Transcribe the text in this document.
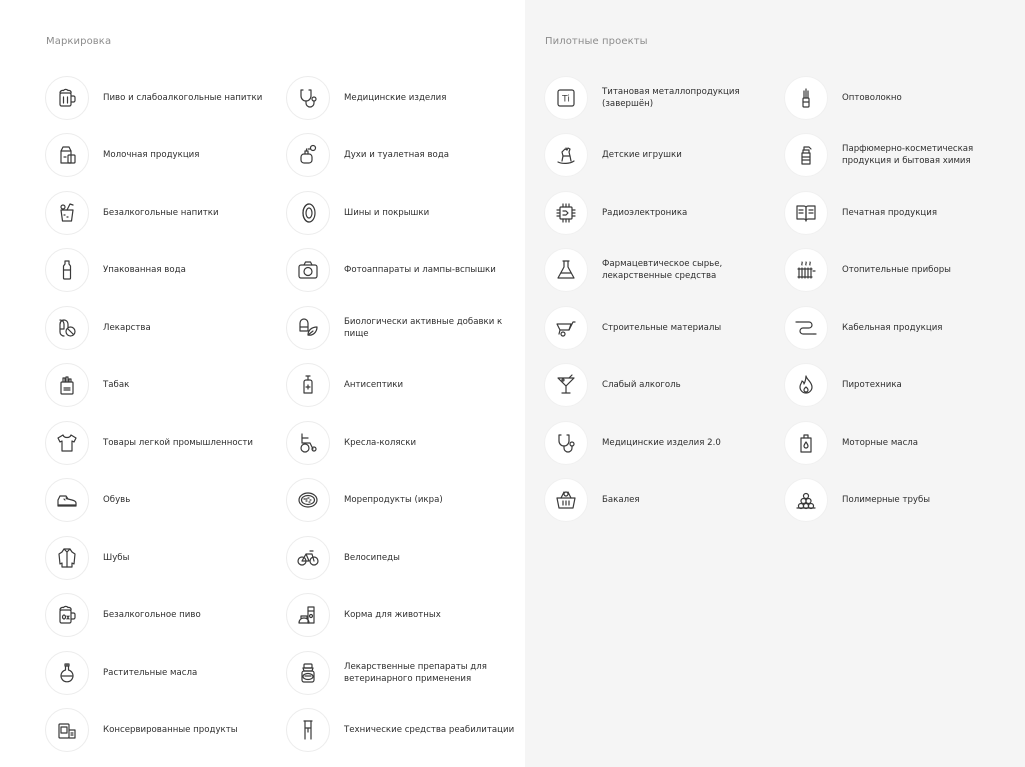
Маркировка
Пиво и слабоалкогольные напитки
Молочная продукция
Безалкогольные напитки
Упакованная вода
Лекарства
Табак
Товары легкой промышленности
Обувь
Шубы
Безалкогольное пиво
Растительные масла
Консервированные продукты
Медицинские изделия
Духи и туалетная вода
Шины и покрышки
Фотоаппараты и лампы-вспышки
Биологически активные добавки к пище
Антисептики
Кресла-коляски
Морепродукты (икра)
Велосипеды
Корма для животных
Лекарственные препараты для ветеринарного применения
Технические средства реабилитации
Пилотные проекты
Ti
Титановая металлопродукция (завершён)
Детские игрушки
Радиоэлектроника
Фармацевтическое сырье, лекарственные средства
Строительные материалы
Слабый алкоголь
Медицинские изделия 2.0
Бакалея
Оптоволокно
Парфюмерно-косметическая продукция и бытовая химия
Печатная продукция
Отопительные приборы
Кабельная продукция
Пиротехника
Моторные масла
Полимерные трубы
